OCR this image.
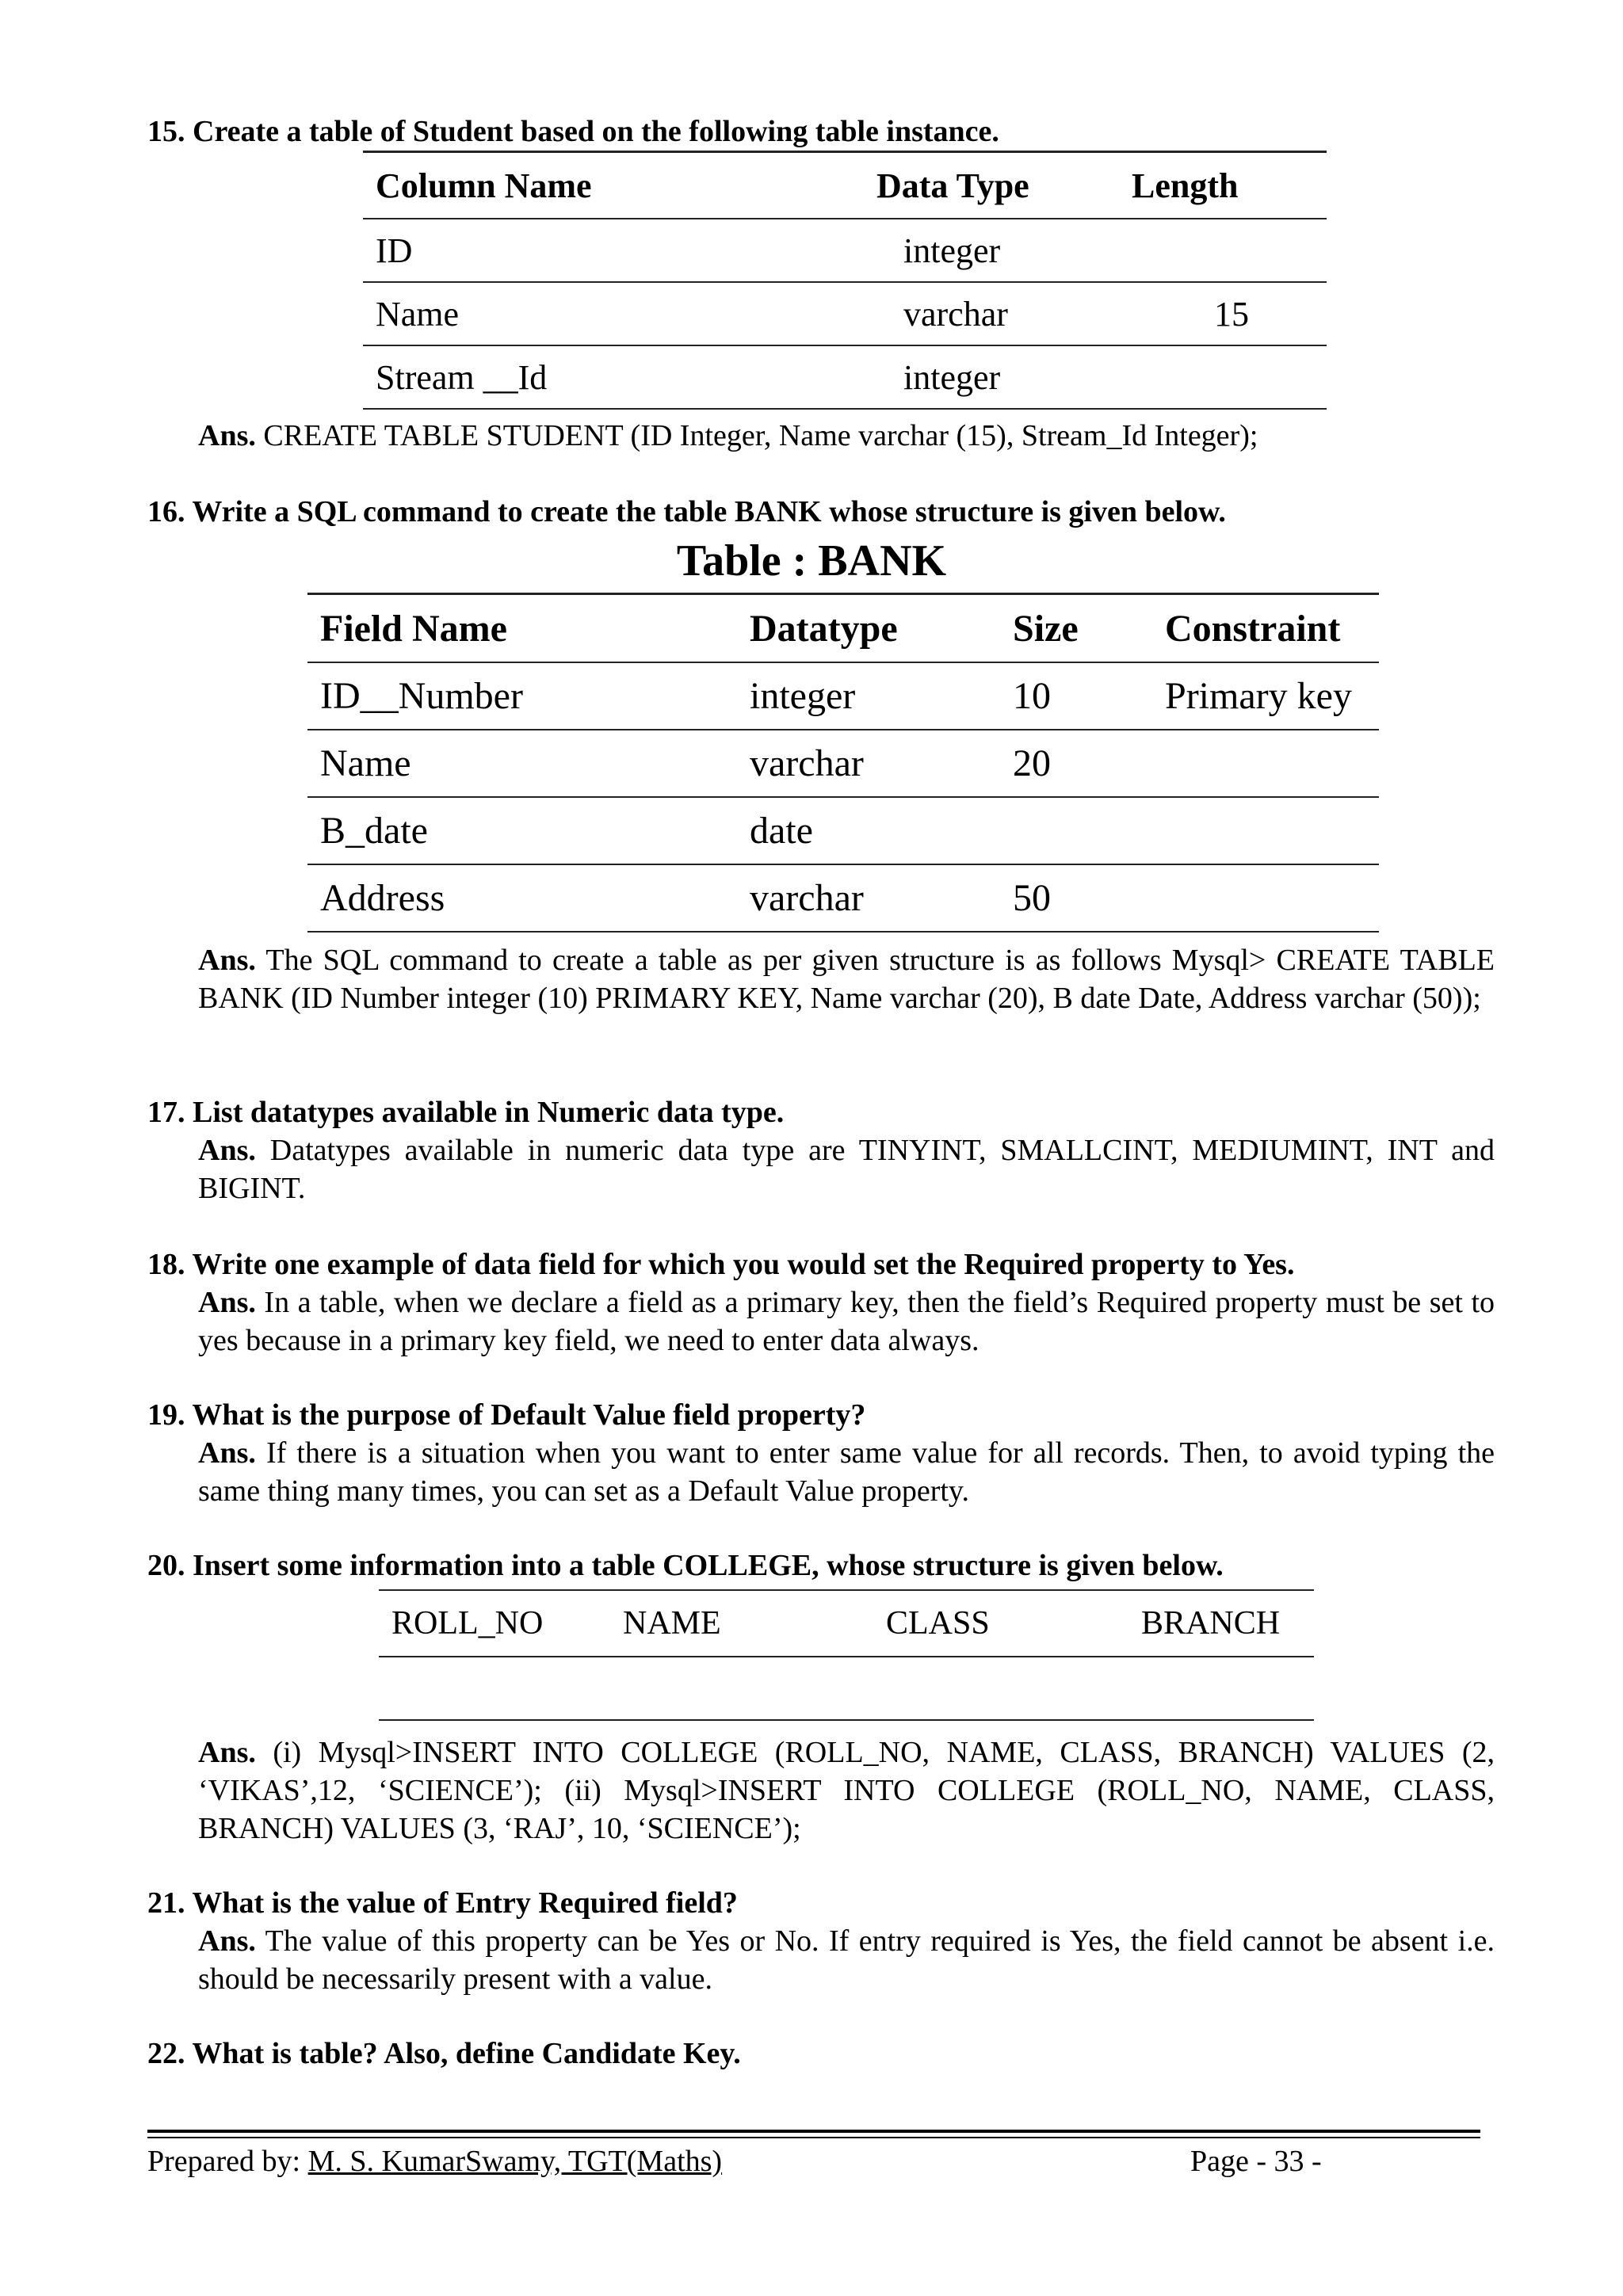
15. Create a table of Student based on the following table instance.
Column Name	Data Type	Length
ID	integer	
Name	varchar	15
Stream __Id	integer	
Ans. CREATE TABLE STUDENT (ID Integer, Name varchar (15), Stream_Id Integer);
16. Write a SQL command to create the table BANK whose structure is given below.
Table : BANK
Field Name	Datatype	Size	Constraint
ID__Number	integer	10	Primary key
Name	varchar	20	
B_date	date		
Address	varchar	50	
Ans. The SQL command to create a table as per given structure is as follows Mysql> CREATE TABLE BANK (ID Number integer (10) PRIMARY KEY, Name varchar (20), B date Date, Address varchar (50));
17. List datatypes available in Numeric data type.
Ans. Datatypes available in numeric data type are TINYINT, SMALLCINT, MEDIUMINT, INT and BIGINT.
18. Write one example of data field for which you would set the Required property to Yes.
Ans. In a table, when we declare a field as a primary key, then the field’s Required property must be set to yes because in a primary key field, we need to enter data always.
19. What is the purpose of Default Value field property?
Ans. If there is a situation when you want to enter same value for all records. Then, to avoid typing the same thing many times, you can set as a Default Value property.
20. Insert some information into a table COLLEGE, whose structure is given below.
ROLL_NO	NAME	CLASS	BRANCH

Ans. (i) Mysql>INSERT INTO COLLEGE (ROLL_NO, NAME, CLASS, BRANCH) VALUES (2, ‘VIKAS’,12, ‘SCIENCE’); (ii) Mysql>INSERT INTO COLLEGE (ROLL_NO, NAME, CLASS, BRANCH) VALUES (3, ‘RAJ’, 10, ‘SCIENCE’);
21. What is the value of Entry Required field?
Ans. The value of this property can be Yes or No. If entry required is Yes, the field cannot be absent i.e. should be necessarily present with a value.
22. What is table? Also, define Candidate Key.
Prepared by: M. S. KumarSwamy, TGT(Maths)	Page - 33 -
